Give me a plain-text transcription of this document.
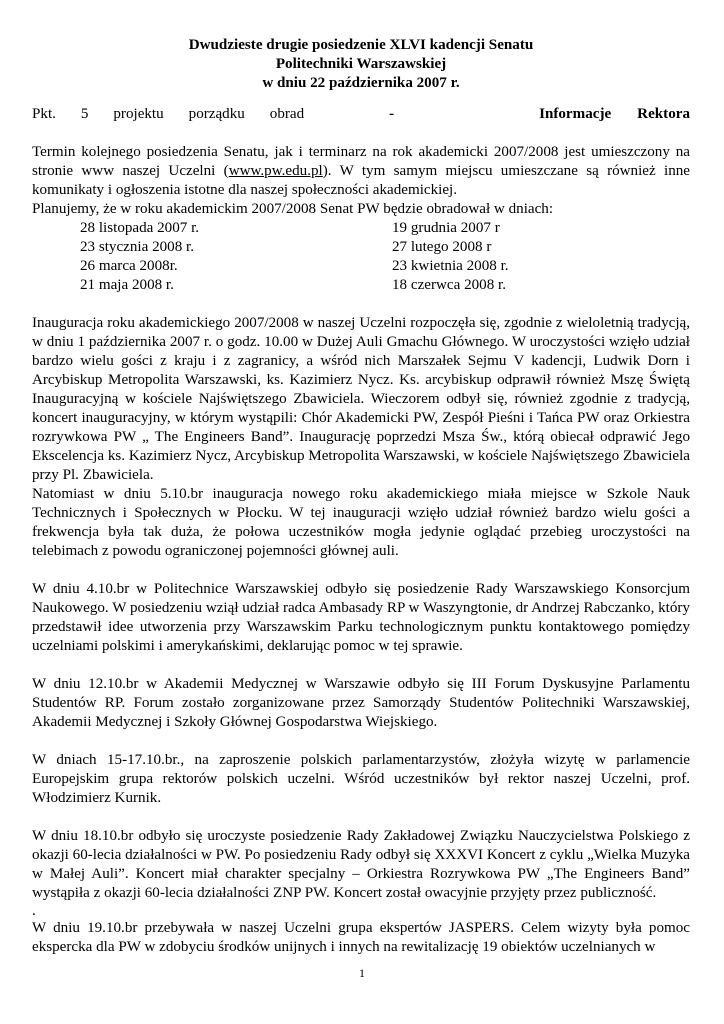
Dwudzieste drugie posiedzenie XLVI kadencji Senatu

Politechniki Warszawskiej

w dniu 22 października 2007 r.

Pkt. 5 projektu porządku obrad	-	Informacje Rektora

Termin kolejnego posiedzenia Senatu, jak i terminarz na rok akademicki 2007/2008 jest umieszczony na stronie www naszej Uczelni (www.pw.edu.pl). W tym samym miejscu umieszczane są również inne komunikaty i ogłoszenia istotne dla naszej społeczności akademickiej.

Planujemy, że w roku akademickim 2007/2008 Senat PW będzie obradował w dniach:

28 listopada 2007 r.	19 grudnia 2007 r
23 stycznia 2008 r.	27 lutego 2008 r
26 marca 2008r.	23 kwietnia 2008 r.
21 maja 2008 r.	18 czerwca 2008 r.

Inauguracja roku akademickiego 2007/2008 w naszej Uczelni rozpoczęła się, zgodnie z wieloletnią tradycją, w dniu 1 października 2007 r. o godz. 10.00 w Dużej Auli Gmachu Głównego. W uroczystości wzięło udział bardzo wielu gości z kraju i z zagranicy, a wśród nich Marszałek Sejmu V kadencji, Ludwik Dorn i Arcybiskup Metropolita Warszawski, ks. Kazimierz Nycz. Ks. arcybiskup odprawił również Mszę Świętą Inauguracyjną w kościele Najświętszego Zbawiciela. Wieczorem odbył się, również zgodnie z tradycją, koncert inauguracyjny, w którym wystąpili: Chór Akademicki PW, Zespół Pieśni i Tańca PW oraz Orkiestra rozrywkowa PW „ The Engineers Band”. Inaugurację poprzedzi Msza Św., którą obiecał odprawić Jego Ekscelencja ks. Kazimierz Nycz, Arcybiskup Metropolita Warszawski, w kościele Najświętszego Zbawiciela przy Pl. Zbawiciela.

Natomiast w dniu 5.10.br inauguracja nowego roku akademickiego miała miejsce w Szkole Nauk Technicznych i Społecznych w Płocku. W tej inauguracji wzięło udział również bardzo wielu gości a frekwencja była tak duża, że połowa uczestników mogła jedynie oglądać przebieg uroczystości na telebimach z powodu ograniczonej pojemności głównej auli.

W dniu 4.10.br w Politechnice Warszawskiej odbyło się posiedzenie Rady Warszawskiego Konsorcjum Naukowego. W posiedzeniu wziął udział radca Ambasady RP w Waszyngtonie, dr Andrzej Rabczanko, który przedstawił idee utworzenia przy Warszawskim Parku technologicznym punktu kontaktowego pomiędzy uczelniami polskimi i amerykańskimi, deklarując pomoc w tej sprawie.

W dniu 12.10.br w Akademii Medycznej w Warszawie odbyło się III Forum Dyskusyjne Parlamentu Studentów RP. Forum zostało zorganizowane przez Samorządy Studentów Politechniki Warszawskiej, Akademii Medycznej i Szkoły Głównej Gospodarstwa Wiejskiego.

W dniach 15-17.10.br., na zaproszenie polskich parlamentarzystów, złożyła wizytę w parlamencie Europejskim grupa rektorów polskich uczelni. Wśród uczestników był rektor naszej Uczelni, prof. Włodzimierz Kurnik.

W dniu 18.10.br odbyło się uroczyste posiedzenie Rady Zakładowej Związku Nauczycielstwa Polskiego z okazji 60-lecia działalności w PW. Po posiedzeniu Rady odbył się XXXVI Koncert z cyklu „Wielka Muzyka w Małej Auli”. Koncert miał charakter specjalny – Orkiestra Rozrywkowa PW „The Engineers Band” wystąpiła z okazji 60-lecia działalności ZNP PW. Koncert został owacyjnie przyjęty przez publiczność.

.

W dniu 19.10.br przebywała w naszej Uczelni grupa ekspertów JASPERS. Celem wizyty była pomoc ekspercka dla PW w zdobyciu środków unijnych i innych na rewitalizację 19 obiektów uczelnianych w

1
